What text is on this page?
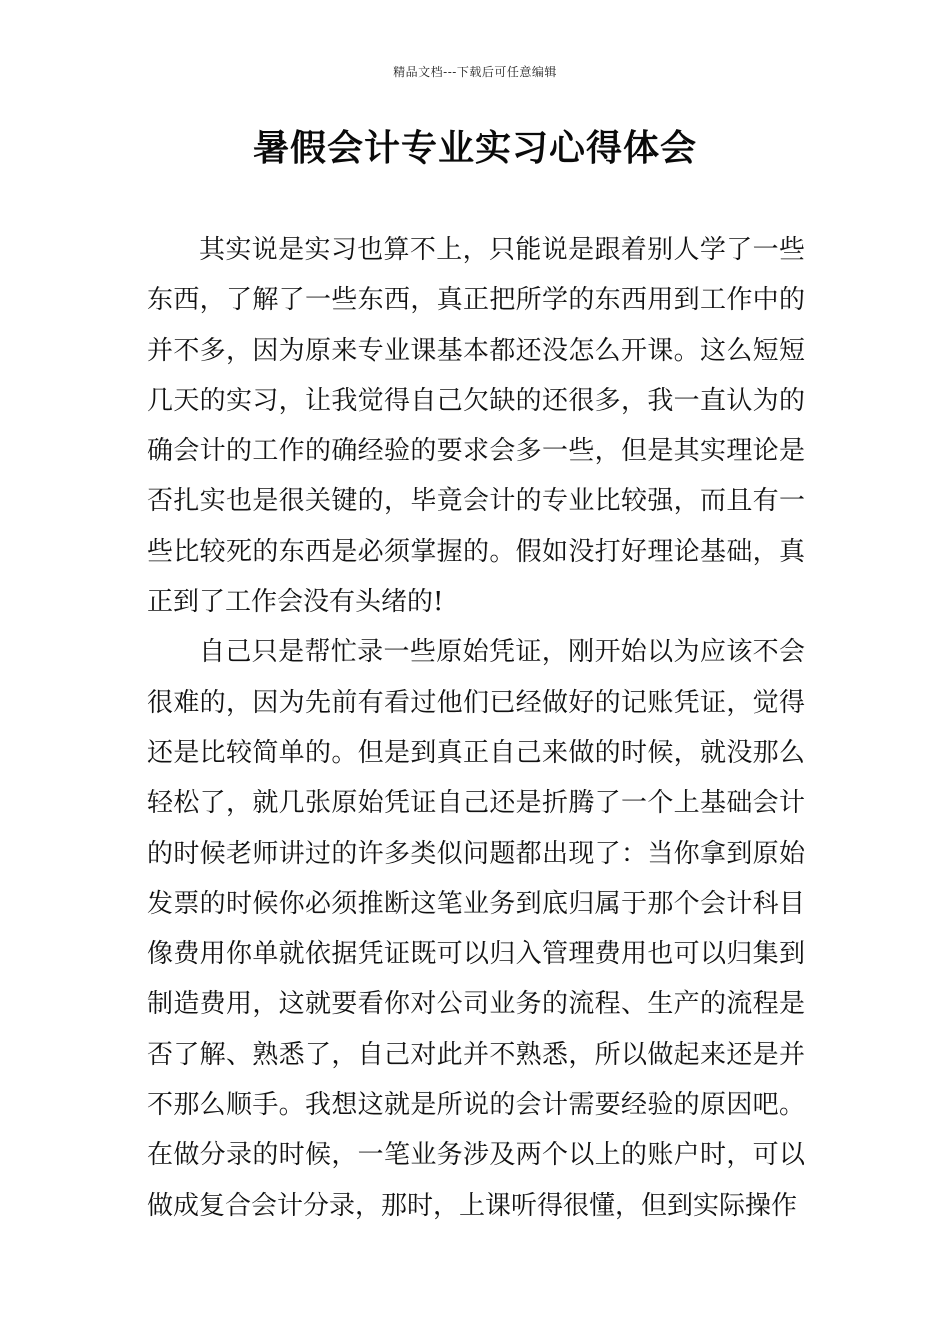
精品文档---下载后可任意编辑
暑假会计专业实习心得体会

其实说是实习也算不上，只能说是跟着别人学了一些东西，了解了一些东西，真正把所学的东西用到工作中的并不多，因为原来专业课基本都还没怎么开课。这么短短几天的实习，让我觉得自己欠缺的还很多，我一直认为的确会计的工作的确经验的要求会多一些，但是其实理论是否扎实也是很关键的，毕竟会计的专业比较强，而且有一些比较死的东西是必须掌握的。假如没打好理论基础，真正到了工作会没有头绪的!

自己只是帮忙录一些原始凭证，刚开始以为应该不会很难的，因为先前有看过他们已经做好的记账凭证，觉得还是比较简单的。但是到真正自己来做的时候，就没那么轻松了，就几张原始凭证自己还是折腾了一个上基础会计的时候老师讲过的许多类似问题都出现了：当你拿到原始发票的时候你必须推断这笔业务到底归属于那个会计科目像费用你单就依据凭证既可以归入管理费用也可以归集到制造费用，这就要看你对公司业务的流程、生产的流程是否了解、熟悉了，自己对此并不熟悉，所以做起来还是并不那么顺手。我想这就是所说的会计需要经验的原因吧。在做分录的时候，一笔业务涉及两个以上的账户时，可以做成复合会计分录，那时，上课听得很懂，但到实际操作
